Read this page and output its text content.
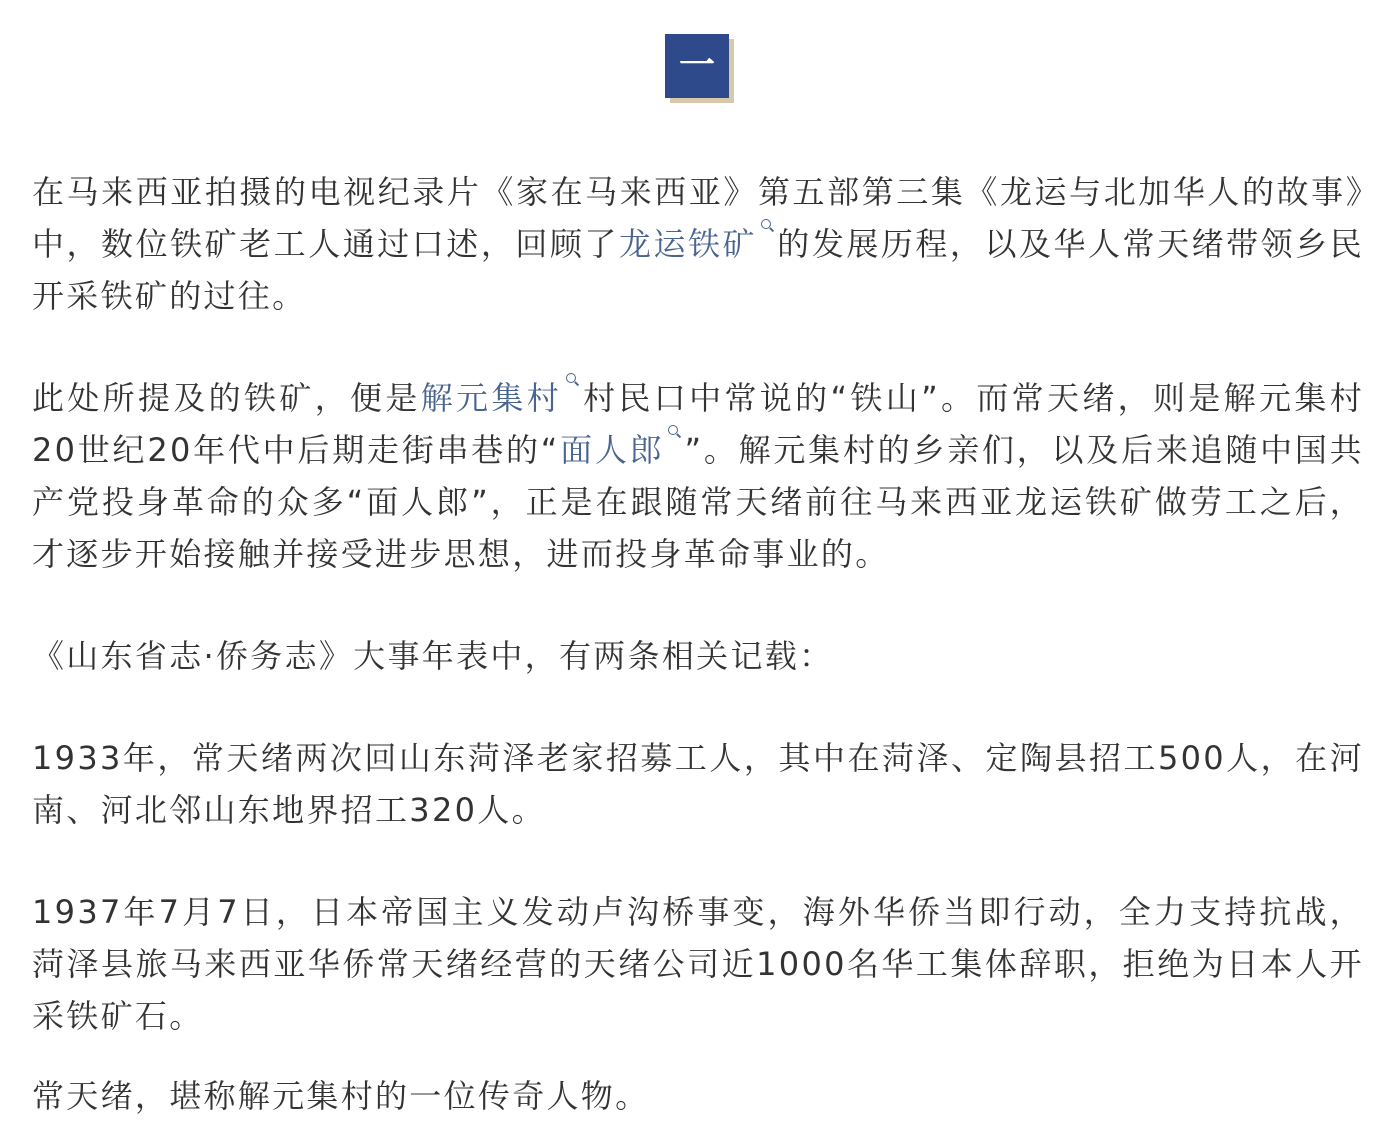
一

在马来西亚拍摄的电视纪录片《家在马来西亚》第五部第三集《龙运与北加华人的故事》中，数位铁矿老工人通过口述，回顾了龙运铁矿 的发展历程，以及华人常天绪带领乡民开采铁矿的过往。

此处所提及的铁矿，便是解元集村 村民口中常说的“铁山”。而常天绪，则是解元集村20世纪20年代中后期走街串巷的“面人郎 ”。解元集村的乡亲们，以及后来追随中国共产党投身革命的众多“面人郎”，正是在跟随常天绪前往马来西亚龙运铁矿做劳工之后，才逐步开始接触并接受进步思想，进而投身革命事业的。

《山东省志·侨务志》大事年表中，有两条相关记载：

1933年，常天绪两次回山东菏泽老家招募工人，其中在菏泽、定陶县招工500人，在河南、河北邻山东地界招工320人。

1937年7月7日，日本帝国主义发动卢沟桥事变，海外华侨当即行动，全力支持抗战，菏泽县旅马来西亚华侨常天绪经营的天绪公司近1000名华工集体辞职，拒绝为日本人开采铁矿石。

常天绪，堪称解元集村的一位传奇人物。
